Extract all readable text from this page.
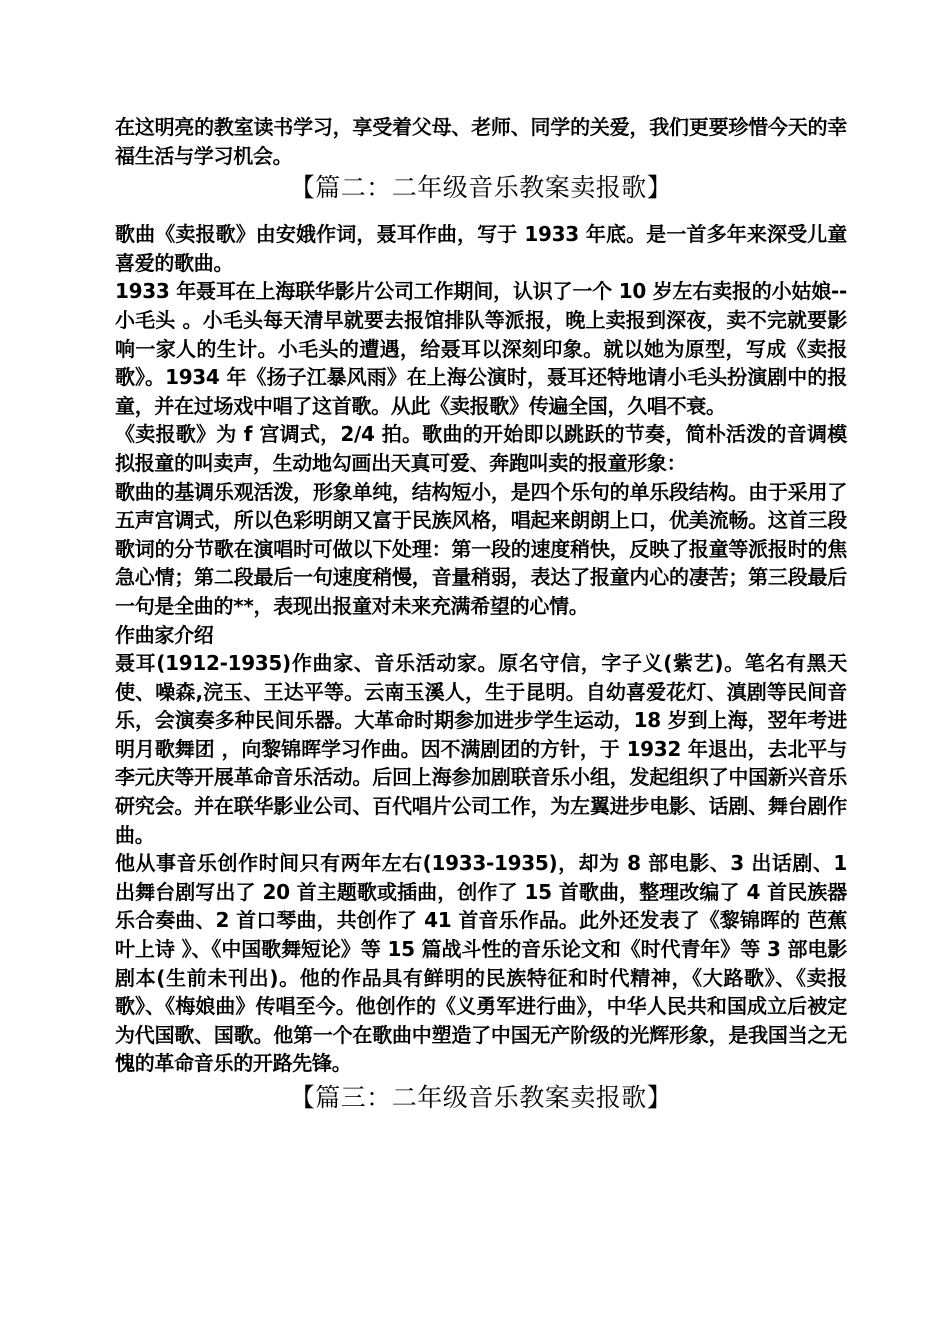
在这明亮的教室读书学习，享受着父母、老师、同学的关爱，我们更要珍惜今天的幸福生活与学习机会。

【篇二：二年级音乐教案卖报歌】

歌曲《卖报歌》由安娥作词，聂耳作曲，写于 1933 年底。是一首多年来深受儿童喜爱的歌曲。

1933 年聂耳在上海联华影片公司工作期间，认识了一个 10 岁左右卖报的小姑娘-- 小毛头 。小毛头每天清早就要去报馆排队等派报，晚上卖报到深夜，卖不完就要影响一家人的生计。小毛头的遭遇，给聂耳以深刻印象。就以她为原型，写成《卖报歌》。1934 年《扬子江暴风雨》在上海公演时，聂耳还特地请小毛头扮演剧中的报童，并在过场戏中唱了这首歌。从此《卖报歌》传遍全国，久唱不衰。

《卖报歌》为 f 宫调式，2/4 拍。歌曲的开始即以跳跃的节奏，简朴活泼的音调模拟报童的叫卖声，生动地勾画出天真可爱、奔跑叫卖的报童形象：

歌曲的基调乐观活泼，形象单纯，结构短小，是四个乐句的单乐段结构。由于采用了五声宫调式，所以色彩明朗又富于民族风格，唱起来朗朗上口，优美流畅。这首三段歌词的分节歌在演唱时可做以下处理：第一段的速度稍快，反映了报童等派报时的焦急心情；第二段最后一句速度稍慢，音量稍弱，表达了报童内心的凄苦；第三段最后一句是全曲的**，表现出报童对未来充满希望的心情。

作曲家介绍

聂耳(1912-1935)作曲家、音乐活动家。原名守信，字子义(紫艺)。笔名有黑天使、噪森,浣玉、王达平等。云南玉溪人，生于昆明。自幼喜爱花灯、滇剧等民间音乐，会演奏多种民间乐器。大革命时期参加进步学生运动，18 岁到上海，翌年考进 明月歌舞团 ，向黎锦晖学习作曲。因不满剧团的方针，于 1932 年退出，去北平与李元庆等开展革命音乐活动。后回上海参加剧联音乐小组，发起组织了中国新兴音乐研究会。并在联华影业公司、百代唱片公司工作，为左翼进步电影、话剧、舞台剧作曲。

他从事音乐创作时间只有两年左右(1933-1935)，却为 8 部电影、3 出话剧、1 出舞台剧写出了 20 首主题歌或插曲，创作了 15 首歌曲，整理改编了 4 首民族器乐合奏曲、2 首口琴曲，共创作了 41 首音乐作品。此外还发表了《黎锦晖的 芭蕉叶上诗 》、《中国歌舞短论》等 15 篇战斗性的音乐论文和《时代青年》等 3 部电影剧本(生前未刊出)。他的作品具有鲜明的民族特征和时代精神，《大路歌》、《卖报歌》、《梅娘曲》传唱至今。他创作的《义勇军进行曲》，中华人民共和国成立后被定为代国歌、国歌。他第一个在歌曲中塑造了中国无产阶级的光辉形象，是我国当之无愧的革命音乐的开路先锋。

【篇三：二年级音乐教案卖报歌】
